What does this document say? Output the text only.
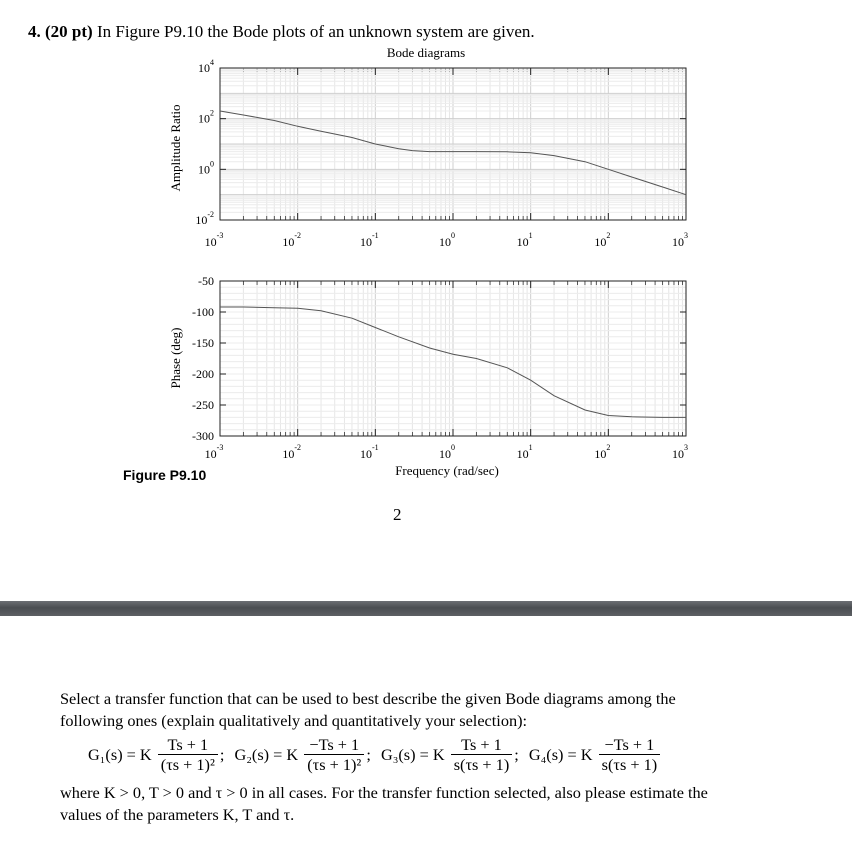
4. (20 pt) In Figure P9.10 the Bode plots of an unknown system are given.
Bode diagrams
$10^{-2}$
$10^0$
$10^2$
$10^4$
$10^{-3}$	$10^{-2}$	$10^{-1}$	$10^0$	$10^1$	$10^2$	$10^3$
Amplitude Ratio
-50
-100
-150
-200
-250
-300
$10^{-3}$	$10^{-2}$	$10^{-1}$	$10^0$	$10^1$	$10^2$	$10^3$
Phase (deg)
Frequency (rad/sec)
Figure P9.10
2
Select a transfer function that can be used to best describe the given Bode diagrams among the
following ones (explain qualitatively and quantitatively your selection):
G₁(s) = K $\frac{Ts + 1}{\text{(τs + 1)²}}$ ; G₂(s) = K $\frac{-Ts + 1}{\text{(τs + 1)²}}$ ; G₃(s) = K $\frac{Ts + 1}{s(\tau s + 1)}$ ; G₄(s) = K $\frac{-Ts + 1}{s(\tau s + 1)}$
where K > 0, T > 0 and τ > 0 in all cases. For the transfer function selected, also please estimate the
values of the parameters K, T and τ.
